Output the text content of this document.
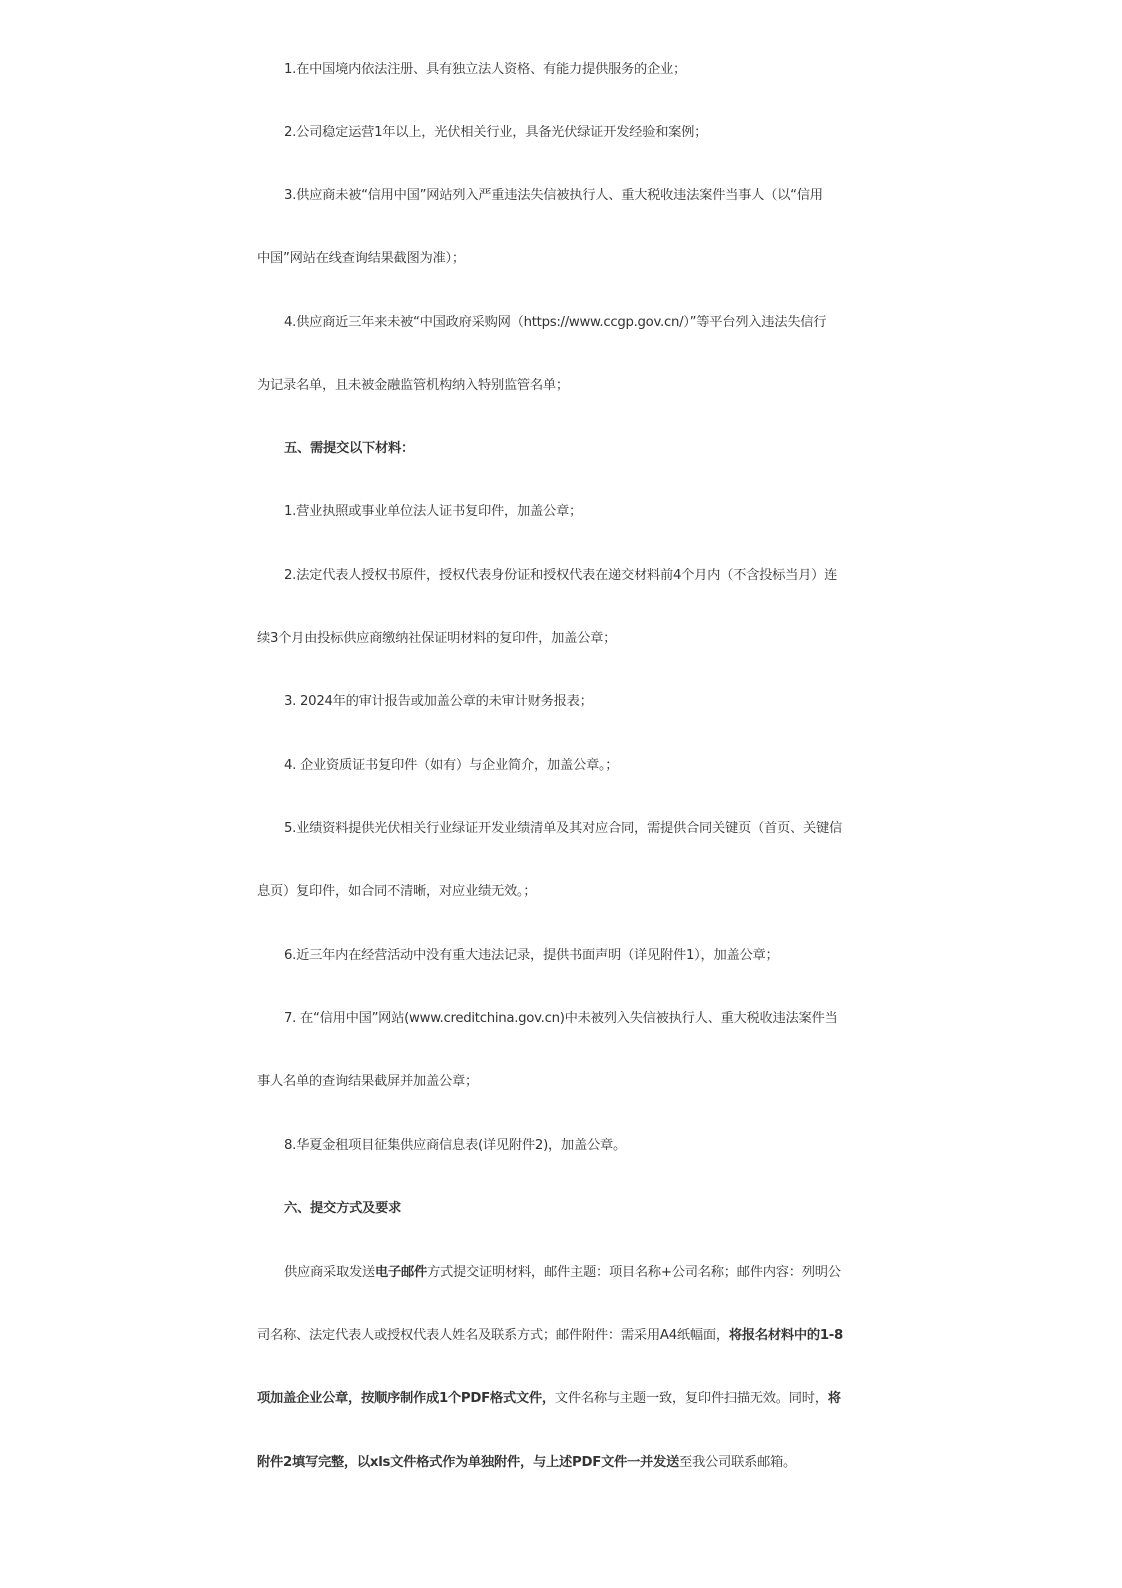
1.在中国境内依法注册、具有独立法人资格、有能力提供服务的企业；
2.公司稳定运营1年以上，光伏相关行业，具备光伏绿证开发经验和案例；
3.供应商未被“信用中国”网站列入严重违法失信被执行人、重大税收违法案件当事人（以“信用
中国”网站在线查询结果截图为准）；
4.供应商近三年来未被“中国政府采购网（https://www.ccgp.gov.cn/）”等平台列入违法失信行
为记录名单，且未被金融监管机构纳入特别监管名单；
五、需提交以下材料：
1.营业执照或事业单位法人证书复印件，加盖公章；
2.法定代表人授权书原件，授权代表身份证和授权代表在递交材料前4个月内（不含投标当月）连
续3个月由投标供应商缴纳社保证明材料的复印件，加盖公章；
3. 2024年的审计报告或加盖公章的未审计财务报表；
4. 企业资质证书复印件（如有）与企业简介，加盖公章。；
5.业绩资料提供光伏相关行业绿证开发业绩清单及其对应合同，需提供合同关键页（首页、关键信
息页）复印件，如合同不清晰，对应业绩无效。；
6.近三年内在经营活动中没有重大违法记录，提供书面声明（详见附件1），加盖公章；
7. 在“信用中国”网站(www.creditchina.gov.cn)中未被列入失信被执行人、重大税收违法案件当
事人名单的查询结果截屏并加盖公章；
8.华夏金租项目征集供应商信息表(详见附件2)，加盖公章。
六、提交方式及要求
供应商采取发送电子邮件方式提交证明材料，邮件主题：项目名称+公司名称；邮件内容：列明公
司名称、法定代表人或授权代表人姓名及联系方式；邮件附件：需采用A4纸幅面，将报名材料中的1-8
项加盖企业公章，按顺序制作成1个PDF格式文件，文件名称与主题一致，复印件扫描无效。同时，将
附件2填写完整，以xls文件格式作为单独附件，与上述PDF文件一并发送至我公司联系邮箱。
